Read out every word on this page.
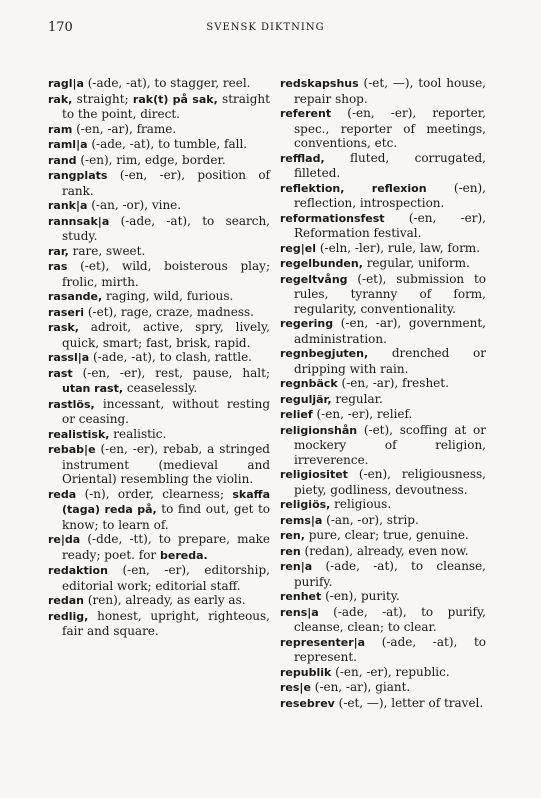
170	SVENSK DIKTNING

ragl|a (-ade, -at), to stagger, reel.

rak, straight; rak(t) på sak, straight to the point, direct.

ram (-en, -ar), frame.

raml|a (-ade, -at), to tumble, fall.

rand (-en), rim, edge, border.

rangplats (-en, -er), position of rank.

rank|a (-an, -or), vine.

rannsak|a (-ade, -at), to search, study.

rar, rare, sweet.

ras (-et), wild, boisterous play; frolic, mirth.

rasande, raging, wild, furious.

raseri (-et), rage, craze, madness.

rask, adroit, active, spry, lively, quick, smart; fast, brisk, rapid.

rassl|a (-ade, -at), to clash, rattle.

rast (-en, -er), rest, pause, halt; utan rast, ceaselessly.

rastlös, incessant, without resting or ceasing.

realistisk, realistic.

rebab|e (-en, -er), rebab, a stringed instrument (medieval and Oriental) resembling the violin.

reda (-n), order, clearness; skaffa (taga) reda på, to find out, get to know; to learn of.

re|da (-dde, -tt), to prepare, make ready; poet. for bereda.

redaktion (-en, -er), editorship, editorial work; editorial staff.

redan (ren), already, as early as.

redlig, honest, upright, righteous, fair and square.

redskapshus (-et, —), tool house, repair shop.

referent (-en, -er), reporter, spec., reporter of meetings, conventions, etc.

refflad, fluted, corrugated, filleted.

reflektion, reflexion (-en), reflection, introspection.

reformationsfest (-en, -er), Reformation festival.

reg|el (-eln, -ler), rule, law, form.

regelbunden, regular, uniform.

regeltvång (-et), submission to rules, tyranny of form, regularity, conventionality.

regering (-en, -ar), government, administration.

regnbegjuten, drenched or dripping with rain.

regnbäck (-en, -ar), freshet.

reguljär, regular.

relief (-en, -er), relief.

religionshån (-et), scoffing at or mockery of religion, irreverence.

religiositet (-en), religiousness, piety, godliness, devoutness.

religiös, religious.

rems|a (-an, -or), strip.

ren, pure, clear; true, genuine.

ren (redan), already, even now.

ren|a (-ade, -at), to cleanse, purify.

renhet (-en), purity.

rens|a (-ade, -at), to purify, cleanse, clean; to clear.

representer|a (-ade, -at), to represent.

republik (-en, -er), republic.

res|e (-en, -ar), giant.

resebrev (-et, —), letter of travel.
